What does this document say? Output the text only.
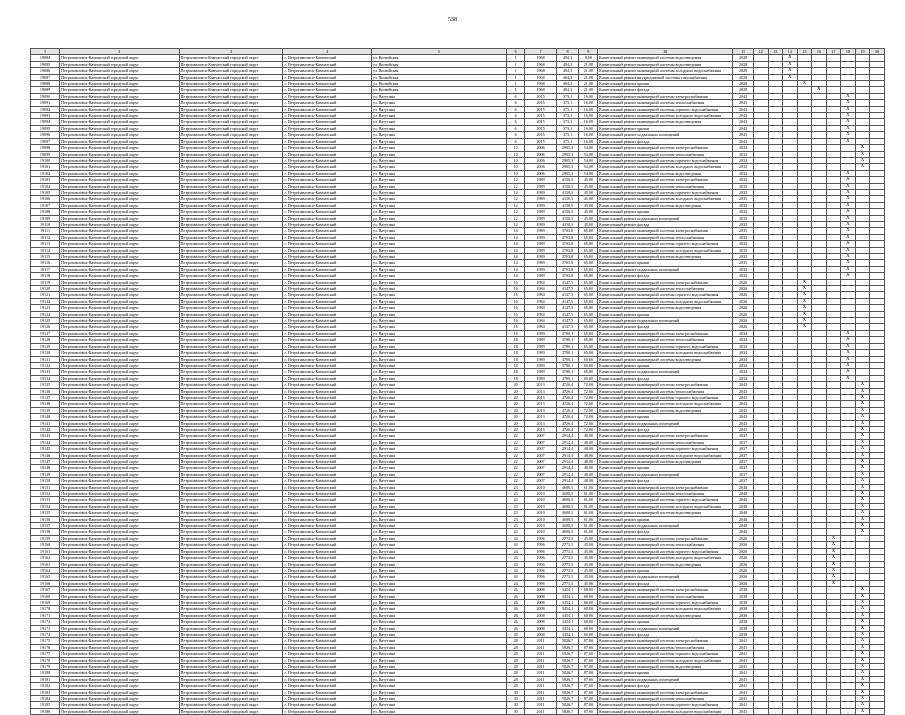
538
1	2	3	4	5	6	7	8	9	10	11	12	13	14	15	16	17	18	19	20
19084	Петропавловск-Камчатский городской округ	Петропавловск-Камчатский городской округ	г. Петропавловск-Камчатский	ул. Вилюйская	1	1968	404,3	8,00	Капитальный ремонт инженерной системы водоотведения	2028			X						
19085	Петропавловск-Камчатский городской округ	Петропавловск-Камчатский городской округ	г. Петропавловск-Камчатский	ул. Вилюйская	1	1968	404,3	21,00	Капитальный ремонт инженерной системы водоотведения	2028			X						
19086	Петропавловск-Камчатский городской округ	Петропавловск-Камчатский городской округ	г. Петропавловск-Камчатский	ул. Вилюйская	1	1968	404,3	21,00	Капитальный ремонт инженерной системы холодного водоснабжения	2028			X						
19087	Петропавловск-Камчатский городской округ	Петропавловск-Камчатский городской округ	г. Петропавловск-Камчатский	ул. Вилюйская	1	1968	404,3	21,00	Капитальный ремонт внутридомовой системы газоснабжения	2028			X						
19088	Петропавловск-Камчатский городской округ	Петропавловск-Камчатский городской округ	г. Петропавловск-Камчатский	ул. Вилюйская	1	1968	404,3	21,00	Капитальный ремонт крыши	2028				X					
19089	Петропавловск-Камчатский городской округ	Петропавловск-Камчатский городской округ	г. Петропавловск-Камчатский	ул. Вилюйская	1	1968	404,3	21,00	Капитальный ремонт фасада	2028					X				
19090	Петропавловск-Камчатский городской округ	Петропавловск-Камчатский городской округ	г. Петропавловск-Камчатский	ул. Ватутина	6	2015	373,1	16,00	Капитальный ремонт инженерной системы электроснабжения	2043							X		
19091	Петропавловск-Камчатский городской округ	Петропавловск-Камчатский городской округ	г. Петропавловск-Камчатский	ул. Ватутина	6	2015	373,1	16,00	Капитальный ремонт инженерной системы теплоснабжения	2043							X		
19092	Петропавловск-Камчатский городской округ	Петропавловск-Камчатский городской округ	г. Петропавловск-Камчатский	ул. Ватутина	6	2015	373,1	16,00	Капитальный ремонт инженерной системы горячего водоснабжения	2043							X		
19093	Петропавловск-Камчатский городской округ	Петропавловск-Камчатский городской округ	г. Петропавловск-Камчатский	ул. Ватутина	6	2015	373,1	16,00	Капитальный ремонт инженерной системы холодного водоснабжения	2043							X		
19094	Петропавловск-Камчатский городской округ	Петропавловск-Камчатский городской округ	г. Петропавловск-Камчатский	ул. Ватутина	6	2015	373,1	16,00	Капитальный ремонт инженерной системы водоотведения	2043							X		
19095	Петропавловск-Камчатский городской округ	Петропавловск-Камчатский городской округ	г. Петропавловск-Камчатский	ул. Ватутина	6	2015	373,1	16,00	Капитальный ремонт крыши	2043							X		
19096	Петропавловск-Камчатский городской округ	Петропавловск-Камчатский городской округ	г. Петропавловск-Камчатский	ул. Ватутина	6	2015	373,1	16,00	Капитальный ремонт подвальных помещений	2043							X		
19097	Петропавловск-Камчатский городской округ	Петропавловск-Камчатский городской округ	г. Петропавловск-Камчатский	ул. Ватутина	6	2015	373,1	16,00	Капитальный ремонт фасада	2043							X		
19098	Петропавловск-Камчатский городской округ	Петропавловск-Камчатский городской округ	г. Петропавловск-Камчатский	ул. Ватутина	10	2006	2905,3	54,00	Капитальный ремонт инженерной системы электроснабжения	2032								X	
19099	Петропавловск-Камчатский городской округ	Петропавловск-Камчатский городской округ	г. Петропавловск-Камчатский	ул. Ватутина	10	2006	2905,3	54,00	Капитальный ремонт инженерной системы теплоснабжения	2032								X	
19100	Петропавловск-Камчатский городской округ	Петропавловск-Камчатский городской округ	г. Петропавловск-Камчатский	ул. Ватутина	10	2006	2905,3	54,00	Капитальный ремонт инженерной системы горячего водоснабжения	2032								X	
19101	Петропавловск-Камчатский городской округ	Петропавловск-Камчатский городской округ	г. Петропавловск-Камчатский	ул. Ватутина	10	2006	2905,3	54,00	Капитальный ремонт инженерной системы холодного водоснабжения	2032								X	
19102	Петропавловск-Камчатский городской округ	Петропавловск-Камчатский городской округ	г. Петропавловск-Камчатский	ул. Ватутина	10	2006	2905,3	54,00	Капитальный ремонт инженерной системы водоотведения	2032							X		
19103	Петропавловск-Камчатский городской округ	Петропавловск-Камчатский городской округ	г. Петропавловск-Камчатский	ул. Ватутина	12	1989	4150,5	45,00	Капитальный ремонт инженерной системы электроснабжения	2035							X		
19104	Петропавловск-Камчатский городской округ	Петропавловск-Камчатский городской округ	г. Петропавловск-Камчатский	ул. Ватутина	12	1989	4150,5	45,00	Капитальный ремонт инженерной системы теплоснабжения	2035							X		
19105	Петропавловск-Камчатский городской округ	Петропавловск-Камчатский городской округ	г. Петропавловск-Камчатский	ул. Ватутина	12	1989	4150,5	45,00	Капитальный ремонт инженерной системы горячего водоснабжения	2035							X		
19106	Петропавловск-Камчатский городской округ	Петропавловск-Камчатский городской округ	г. Петропавловск-Камчатский	ул. Ватутина	12	1989	4150,5	45,00	Капитальный ремонт инженерной системы холодного водоснабжения	2035							X		
19107	Петропавловск-Камчатский городской округ	Петропавловск-Камчатский городской округ	г. Петропавловск-Камчатский	ул. Ватутина	12	1989	4150,5	45,00	Капитальный ремонт инженерной системы водоотведения	2035							X		
19108	Петропавловск-Камчатский городской округ	Петропавловск-Камчатский городской округ	г. Петропавловск-Камчатский	ул. Ватутина	12	1989	4150,5	45,00	Капитальный ремонт крыши	2035							X		
19109	Петропавловск-Камчатский городской округ	Петропавловск-Камчатский городской округ	г. Петропавловск-Камчатский	ул. Ватутина	12	1989	4150,5	45,00	Капитальный ремонт подвальных помещений	2035							X		
19110	Петропавловск-Камчатский городской округ	Петропавловск-Камчатский городской округ	г. Петропавловск-Камчатский	ул. Ватутина	12	1989	4150,5	45,00	Капитальный ремонт фасада	2035							X		
19111	Петропавловск-Камчатский городской округ	Петропавловск-Камчатский городской округ	г. Петропавловск-Камчатский	ул. Ватутина	14	1989	3703,8	65,00	Капитальный ремонт инженерной системы электроснабжения	2035							X		
19112	Петропавловск-Камчатский городской округ	Петропавловск-Камчатский городской округ	г. Петропавловск-Камчатский	ул. Ватутина	14	1989	3703,8	65,00	Капитальный ремонт инженерной системы теплоснабжения	2035							X		
19113	Петропавловск-Камчатский городской округ	Петропавловск-Камчатский городской округ	г. Петропавловск-Камчатский	ул. Ватутина	14	1989	3703,8	65,00	Капитальный ремонт инженерной системы горячего водоснабжения	2035							X		
19114	Петропавловск-Камчатский городской округ	Петропавловск-Камчатский городской округ	г. Петропавловск-Камчатский	ул. Ватутина	14	1989	3703,8	65,00	Капитальный ремонт инженерной системы холодного водоснабжения	2035							X		
19115	Петропавловск-Камчатский городской округ	Петропавловск-Камчатский городской округ	г. Петропавловск-Камчатский	ул. Ватутина	14	1989	3703,8	65,00	Капитальный ремонт инженерной системы водоотведения	2035							X		
19116	Петропавловск-Камчатский городской округ	Петропавловск-Камчатский городской округ	г. Петропавловск-Камчатский	ул. Ватутина	14	1989	3703,8	65,00	Капитальный ремонт крыши	2035							X		
19117	Петропавловск-Камчатский городской округ	Петропавловск-Камчатский городской округ	г. Петропавловск-Камчатский	ул. Ватутина	14	1989	3703,8	65,00	Капитальный ремонт подвальных помещений	2035							X		
19118	Петропавловск-Камчатский городской округ	Петропавловск-Камчатский городской округ	г. Петропавловск-Камчатский	ул. Ватутина	14	1989	3703,8	65,00	Капитальный ремонт фасада	2035							X		
19119	Петропавловск-Камчатский городской округ	Петропавловск-Камчатский городской округ	г. Петропавловск-Камчатский	ул. Ватутина	16	1984	4147,5	65,00	Капитальный ремонт инженерной системы электроснабжения	2026				X					
19120	Петропавловск-Камчатский городской округ	Петропавловск-Камчатский городской округ	г. Петропавловск-Камчатский	ул. Ватутина	16	1984	4147,5	65,00	Капитальный ремонт инженерной системы теплоснабжения	2026				X					
19121	Петропавловск-Камчатский городской округ	Петропавловск-Камчатский городской округ	г. Петропавловск-Камчатский	ул. Ватутина	16	1984	4147,5	65,00	Капитальный ремонт инженерной системы горячего водоснабжения	2026				X					
19122	Петропавловск-Камчатский городской округ	Петропавловск-Камчатский городской округ	г. Петропавловск-Камчатский	ул. Ватутина	16	1984	4147,5	65,00	Капитальный ремонт инженерной системы холодного водоснабжения	2026				X					
19123	Петропавловск-Камчатский городской округ	Петропавловск-Камчатский городской округ	г. Петропавловск-Камчатский	ул. Ватутина	16	1984	4147,5	65,00	Капитальный ремонт инженерной системы водоотведения	2026				X					
19124	Петропавловск-Камчатский городской округ	Петропавловск-Камчатский городской округ	г. Петропавловск-Камчатский	ул. Ватутина	16	1984	4147,5	65,00	Капитальный ремонт крыши	2026				X					
19125	Петропавловск-Камчатский городской округ	Петропавловск-Камчатский городской округ	г. Петропавловск-Камчатский	ул. Ватутина	16	1984	4147,5	65,00	Капитальный ремонт подвальных помещений	2026				X					
19126	Петропавловск-Камчатский городской округ	Петропавловск-Камчатский городской округ	г. Петропавловск-Камчатский	ул. Ватутина	16	1984	4147,5	65,00	Капитальный ремонт фасада	2026				X					
19127	Петропавловск-Камчатский городской округ	Петропавловск-Камчатский городской округ	г. Петропавловск-Камчатский	ул. Ватутина	18	1989	3780,1	65,00	Капитальный ремонт инженерной системы электроснабжения	2034							X		
19128	Петропавловск-Камчатский городской округ	Петропавловск-Камчатский городской округ	г. Петропавловск-Камчатский	ул. Ватутина	18	1989	3780,1	65,00	Капитальный ремонт инженерной системы теплоснабжения	2034							X		
19129	Петропавловск-Камчатский городской округ	Петропавловск-Камчатский городской округ	г. Петропавловск-Камчатский	ул. Ватутина	18	1989	3780,1	65,00	Капитальный ремонт инженерной системы горячего водоснабжения	2034							X		
19130	Петропавловск-Камчатский городской округ	Петропавловск-Камчатский городской округ	г. Петропавловск-Камчатский	ул. Ватутина	18	1989	3780,1	65,00	Капитальный ремонт инженерной системы холодного водоснабжения	2034							X		
19131	Петропавловск-Камчатский городской округ	Петропавловск-Камчатский городской округ	г. Петропавловск-Камчатский	ул. Ватутина	18	1989	3780,1	65,00	Капитальный ремонт инженерной системы водоотведения	2034							X		
19132	Петропавловск-Камчатский городской округ	Петропавловск-Камчатский городской округ	г. Петропавловск-Камчатский	ул. Ватутина	18	1989	3780,1	65,00	Капитальный ремонт крыши	2034							X		
19133	Петропавловск-Камчатский городской округ	Петропавловск-Камчатский городской округ	г. Петропавловск-Камчатский	ул. Ватутина	18	1989	3780,1	65,00	Капитальный ремонт подвальных помещений	2034							X		
19134	Петропавловск-Камчатский городской округ	Петропавловск-Камчатский городской округ	г. Петропавловск-Камчатский	ул. Ватутина	18	1989	3780,1	65,00	Капитальный ремонт фасада	2034							X		
19135	Петропавловск-Камчатский городской округ	Петропавловск-Камчатский городской округ	г. Петропавловск-Камчатский	ул. Ватутина	20	2013	4726,4	72,00	Капитальный ремонт инженерной системы электроснабжения	2043								X	
19136	Петропавловск-Камчатский городской округ	Петропавловск-Камчатский городской округ	г. Петропавловск-Камчатский	ул. Ватутина	20	2013	4726,4	72,00	Капитальный ремонт инженерной системы теплоснабжения	2043								X	
19137	Петропавловск-Камчатский городской округ	Петропавловск-Камчатский городской округ	г. Петропавловск-Камчатский	ул. Ватутина	20	2013	4726,4	72,00	Капитальный ремонт инженерной системы горячего водоснабжения	2043								X	
19138	Петропавловск-Камчатский городской округ	Петропавловск-Камчатский городской округ	г. Петропавловск-Камчатский	ул. Ватутина	20	2013	4726,4	72,00	Капитальный ремонт инженерной системы холодного водоснабжения	2043								X	
19139	Петропавловск-Камчатский городской округ	Петропавловск-Камчатский городской округ	г. Петропавловск-Камчатский	ул. Ватутина	20	2013	4726,4	72,00	Капитальный ремонт инженерной системы водоотведения	2043								X	
19140	Петропавловск-Камчатский городской округ	Петропавловск-Камчатский городской округ	г. Петропавловск-Камчатский	ул. Ватутина	20	2013	4726,4	72,00	Капитальный ремонт крыши	2043								X	
19141	Петропавловск-Камчатский городской округ	Петропавловск-Камчатский городской округ	г. Петропавловск-Камчатский	ул. Ватутина	20	2013	4726,4	72,00	Капитальный ремонт подвальных помещений	2043								X	
19142	Петропавловск-Камчатский городской округ	Петропавловск-Камчатский городской округ	г. Петропавловск-Камчатский	ул. Ватутина	20	2013	4726,4	72,00	Капитальный ремонт фасада	2043								X	
19143	Петропавловск-Камчатский городской округ	Петропавловск-Камчатский городской округ	г. Петропавловск-Камчатский	ул. Ватутина	22	2007	2914,4	48,00	Капитальный ремонт инженерной системы электроснабжения	2037								X	
19144	Петропавловск-Камчатский городской округ	Петропавловск-Камчатский городской округ	г. Петропавловск-Камчатский	ул. Ватутина	22	2007	2914,4	48,00	Капитальный ремонт инженерной системы теплоснабжения	2037								X	
19145	Петропавловск-Камчатский городской округ	Петропавловск-Камчатский городской округ	г. Петропавловск-Камчатский	ул. Ватутина	22	2007	2914,4	48,00	Капитальный ремонт инженерной системы горячего водоснабжения	2037								X	
19146	Петропавловск-Камчатский городской округ	Петропавловск-Камчатский городской округ	г. Петропавловск-Камчатский	ул. Ватутина	22	2007	2914,4	48,00	Капитальный ремонт инженерной системы холодного водоснабжения	2037								X	
19147	Петропавловск-Камчатский городской округ	Петропавловск-Камчатский городской округ	г. Петропавловск-Камчатский	ул. Ватутина	22	2007	2914,4	48,00	Капитальный ремонт инженерной системы водоотведения	2037								X	
19148	Петропавловск-Камчатский городской округ	Петропавловск-Камчатский городской округ	г. Петропавловск-Камчатский	ул. Ватутина	22	2007	2914,4	48,00	Капитальный ремонт крыши	2037								X	
19149	Петропавловск-Камчатский городской округ	Петропавловск-Камчатский городской округ	г. Петропавловск-Камчатский	ул. Ватутина	22	2007	2914,4	48,00	Капитальный ремонт подвальных помещений	2037								X	
19150	Петропавловск-Камчатский городской округ	Петропавловск-Камчатский городской округ	г. Петропавловск-Камчатский	ул. Ватутина	22	2007	2914,4	48,00	Капитальный ремонт фасада	2037								X	
19151	Петропавловск-Камчатский городской округ	Петропавловск-Камчатский городской округ	г. Петропавловск-Камчатский	ул. Ватутина	23	2010	4600,5	61,00	Капитальный ремонт инженерной системы электроснабжения	2040								X	
19152	Петропавловск-Камчатский городской округ	Петропавловск-Камчатский городской округ	г. Петропавловск-Камчатский	ул. Ватутина	23	2010	4600,5	61,00	Капитальный ремонт инженерной системы теплоснабжения	2040								X	
19153	Петропавловск-Камчатский городской округ	Петропавловск-Камчатский городской округ	г. Петропавловск-Камчатский	ул. Ватутина	23	2010	4600,5	61,00	Капитальный ремонт инженерной системы горячего водоснабжения	2040								X	
19154	Петропавловск-Камчатский городской округ	Петропавловск-Камчатский городской округ	г. Петропавловск-Камчатский	ул. Ватутина	23	2010	4600,5	61,00	Капитальный ремонт инженерной системы холодного водоснабжения	2040								X	
19155	Петропавловск-Камчатский городской округ	Петропавловск-Камчатский городской округ	г. Петропавловск-Камчатский	ул. Ватутина	23	2010	4600,5	61,00	Капитальный ремонт инженерной системы водоотведения	2040								X	
19156	Петропавловск-Камчатский городской округ	Петропавловск-Камчатский городской округ	г. Петропавловск-Камчатский	ул. Ватутина	23	2010	4600,5	61,00	Капитальный ремонт крыши	2040								X	
19157	Петропавловск-Камчатский городской округ	Петропавловск-Камчатский городской округ	г. Петропавловск-Камчатский	ул. Ватутина	23	2010	4600,5	61,00	Капитальный ремонт подвальных помещений	2040								X	
19158	Петропавловск-Камчатский городской округ	Петропавловск-Камчатский городской округ	г. Петропавловск-Камчатский	ул. Ватутина	23	2010	4600,5	61,00	Капитальный ремонт фасада	2040								X	
19159	Петропавловск-Камчатский городской округ	Петропавловск-Камчатский городской округ	г. Петропавловск-Камчатский	ул. Ватутина	24	1996	2773,5	45,00	Капитальный ремонт инженерной системы электроснабжения	2026						X			
19160	Петропавловск-Камчатский городской округ	Петропавловск-Камчатский городской округ	г. Петропавловск-Камчатский	ул. Ватутина	24	1996	2773,5	45,00	Капитальный ремонт инженерной системы теплоснабжения	2026						X			
19161	Петропавловск-Камчатский городской округ	Петропавловск-Камчатский городской округ	г. Петропавловск-Камчатский	ул. Ватутина	24	1996	2773,5	45,00	Капитальный ремонт инженерной системы горячего водоснабжения	2026						X			
19162	Петропавловск-Камчатский городской округ	Петропавловск-Камчатский городской округ	г. Петропавловск-Камчатский	ул. Ватутина	24	1996	2773,5	45,00	Капитальный ремонт инженерной системы холодного водоснабжения	2026						X			
19163	Петропавловск-Камчатский городской округ	Петропавловск-Камчатский городской округ	г. Петропавловск-Камчатский	ул. Ватутина	24	1996	2773,5	45,00	Капитальный ремонт инженерной системы водоотведения	2026						X			
19164	Петропавловск-Камчатский городской округ	Петропавловск-Камчатский городской округ	г. Петропавловск-Камчатский	ул. Ватутина	24	1996	2773,5	45,00	Капитальный ремонт крыши	2026						X			
19165	Петропавловск-Камчатский городской округ	Петропавловск-Камчатский городской округ	г. Петропавловск-Камчатский	ул. Ватутина	24	1996	2773,5	45,00	Капитальный ремонт подвальных помещений	2026						X			
19166	Петропавловск-Камчатский городской округ	Петропавловск-Камчатский городской округ	г. Петропавловск-Камчатский	ул. Ватутина	24	1996	2773,5	45,00	Капитальный ремонт фасада	2026						X			
19167	Петропавловск-Камчатский городской округ	Петропавловск-Камчатский городской округ	г. Петропавловск-Камчатский	ул. Ватутина	26	2008	3454,1	60,00	Капитальный ремонт инженерной системы электроснабжения	2038								X	
19168	Петропавловск-Камчатский городской округ	Петропавловск-Камчатский городской округ	г. Петропавловск-Камчатский	ул. Ватутина	26	2008	3454,1	60,00	Капитальный ремонт инженерной системы теплоснабжения	2038								X	
19169	Петропавловск-Камчатский городской округ	Петропавловск-Камчатский городской округ	г. Петропавловск-Камчатский	ул. Ватутина	26	2008	3454,1	60,00	Капитальный ремонт инженерной системы горячего водоснабжения	2038								X	
19170	Петропавловск-Камчатский городской округ	Петропавловск-Камчатский городской округ	г. Петропавловск-Камчатский	ул. Ватутина	26	2008	3454,1	60,00	Капитальный ремонт инженерной системы холодного водоснабжения	2038								X	
19171	Петропавловск-Камчатский городской округ	Петропавловск-Камчатский городской округ	г. Петропавловск-Камчатский	ул. Ватутина	26	2008	3454,1	60,00	Капитальный ремонт инженерной системы водоотведения	2038								X	
19172	Петропавловск-Камчатский городской округ	Петропавловск-Камчатский городской округ	г. Петропавловск-Камчатский	ул. Ватутина	26	2008	3454,1	60,00	Капитальный ремонт крыши	2038								X	
19173	Петропавловск-Камчатский городской округ	Петропавловск-Камчатский городской округ	г. Петропавловск-Камчатский	ул. Ватутина	26	2008	3454,1	60,00	Капитальный ремонт подвальных помещений	2038								X	
19174	Петропавловск-Камчатский городской округ	Петропавловск-Камчатский городской округ	г. Петропавловск-Камчатский	ул. Ватутина	26	2008	3454,1	60,00	Капитальный ремонт фасада	2038								X	
19175	Петропавловск-Камчатский городской округ	Петропавловск-Камчатский городской округ	г. Петропавловск-Камчатский	ул. Ватутина	28	2011	5826,7	87,00	Капитальный ремонт инженерной системы электроснабжения	2041								X	
19176	Петропавловск-Камчатский городской округ	Петропавловск-Камчатский городской округ	г. Петропавловск-Камчатский	ул. Ватутина	28	2011	5826,7	87,00	Капитальный ремонт инженерной системы теплоснабжения	2041								X	
19177	Петропавловск-Камчатский городской округ	Петропавловск-Камчатский городской округ	г. Петропавловск-Камчатский	ул. Ватутина	28	2011	5826,7	87,00	Капитальный ремонт инженерной системы горячего водоснабжения	2041								X	
19178	Петропавловск-Камчатский городской округ	Петропавловск-Камчатский городской округ	г. Петропавловск-Камчатский	ул. Ватутина	28	2011	5826,7	87,00	Капитальный ремонт инженерной системы холодного водоснабжения	2041								X	
19179	Петропавловск-Камчатский городской округ	Петропавловск-Камчатский городской округ	г. Петропавловск-Камчатский	ул. Ватутина	28	2011	5826,7	87,00	Капитальный ремонт инженерной системы водоотведения	2041								X	
19180	Петропавловск-Камчатский городской округ	Петропавловск-Камчатский городской округ	г. Петропавловск-Камчатский	ул. Ватутина	28	2011	5826,7	87,00	Капитальный ремонт крыши	2041								X	
19181	Петропавловск-Камчатский городской округ	Петропавловск-Камчатский городской округ	г. Петропавловск-Камчатский	ул. Ватутина	28	2011	5826,7	87,00	Капитальный ремонт подвальных помещений	2041								X	
19182	Петропавловск-Камчатский городской округ	Петропавловск-Камчатский городской округ	г. Петропавловск-Камчатский	ул. Ватутина	28	2011	5826,7	87,00	Капитальный ремонт фасада	2041								X	
19183	Петропавловск-Камчатский городской округ	Петропавловск-Камчатский городской округ	г. Петропавловск-Камчатский	ул. Ватутина	30	2011	5826,7	87,00	Капитальный ремонт инженерной системы электроснабжения	2041								X	
19184	Петропавловск-Камчатский городской округ	Петропавловск-Камчатский городской округ	г. Петропавловск-Камчатский	ул. Ватутина	30	2011	5826,7	87,00	Капитальный ремонт инженерной системы теплоснабжения	2041								X	
19185	Петропавловск-Камчатский городской округ	Петропавловск-Камчатский городской округ	г. Петропавловск-Камчатский	ул. Ватутина	30	2011	5826,7	87,00	Капитальный ремонт инженерной системы горячего водоснабжения	2041								X	
19186	Петропавловск-Камчатский городской округ	Петропавловск-Камчатский городской округ	г. Петропавловск-Камчатский	ул. Ватутина	30	2011	5826,7	87,00	Капитальный ремонт инженерной системы холодного водоснабжения	2041								X	
